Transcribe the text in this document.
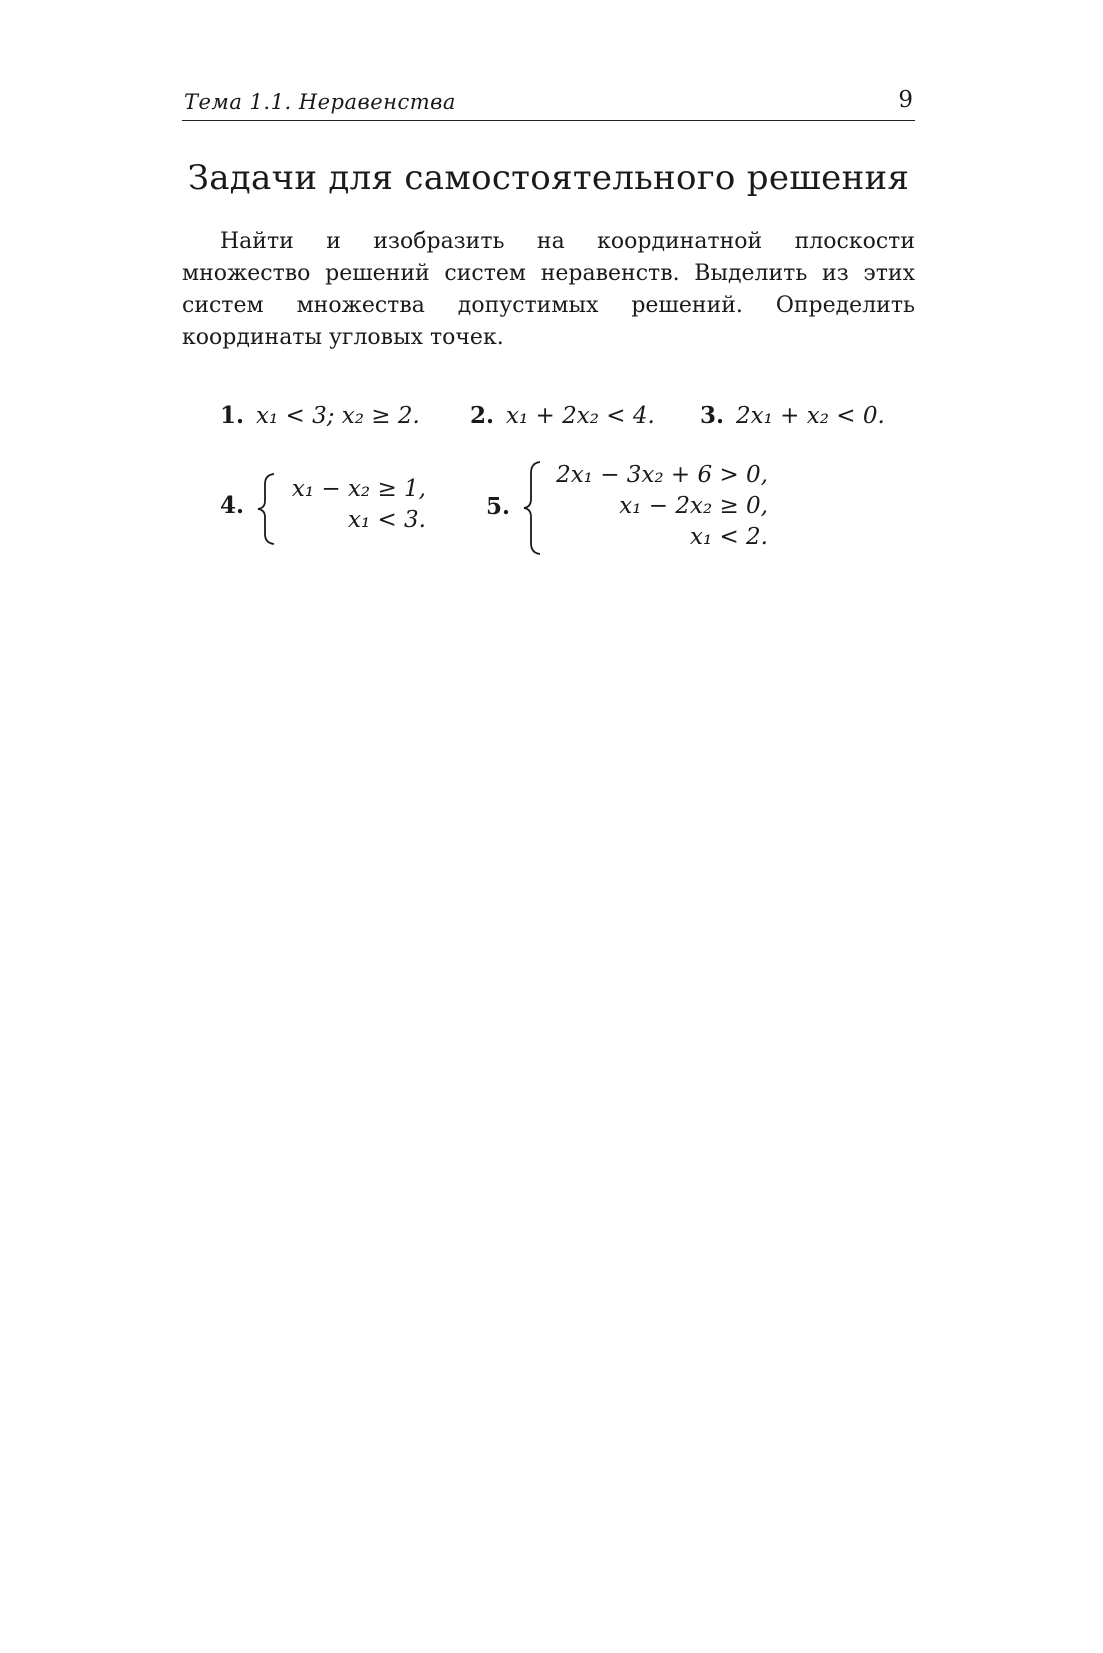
Тема 1.1. Неравенства	9
Задачи для самостоятельного решения

Найти и изобразить на координатной плоскости множество решений систем неравенств. Выделить из этих систем множества допустимых решений. Определить координаты угловых точек.

1. x₁ < 3; x₂ ≥ 2. 2. x₁ + 2x₂ < 4. 3. 2x₁ + x₂ < 0.
4.
x₁ − x₂ ≥ 1,
x₁ < 3.	5.
2x₁ − 3x₂ + 6 > 0,
x₁ − 2x₂ ≥ 0,
x₁ < 2.
